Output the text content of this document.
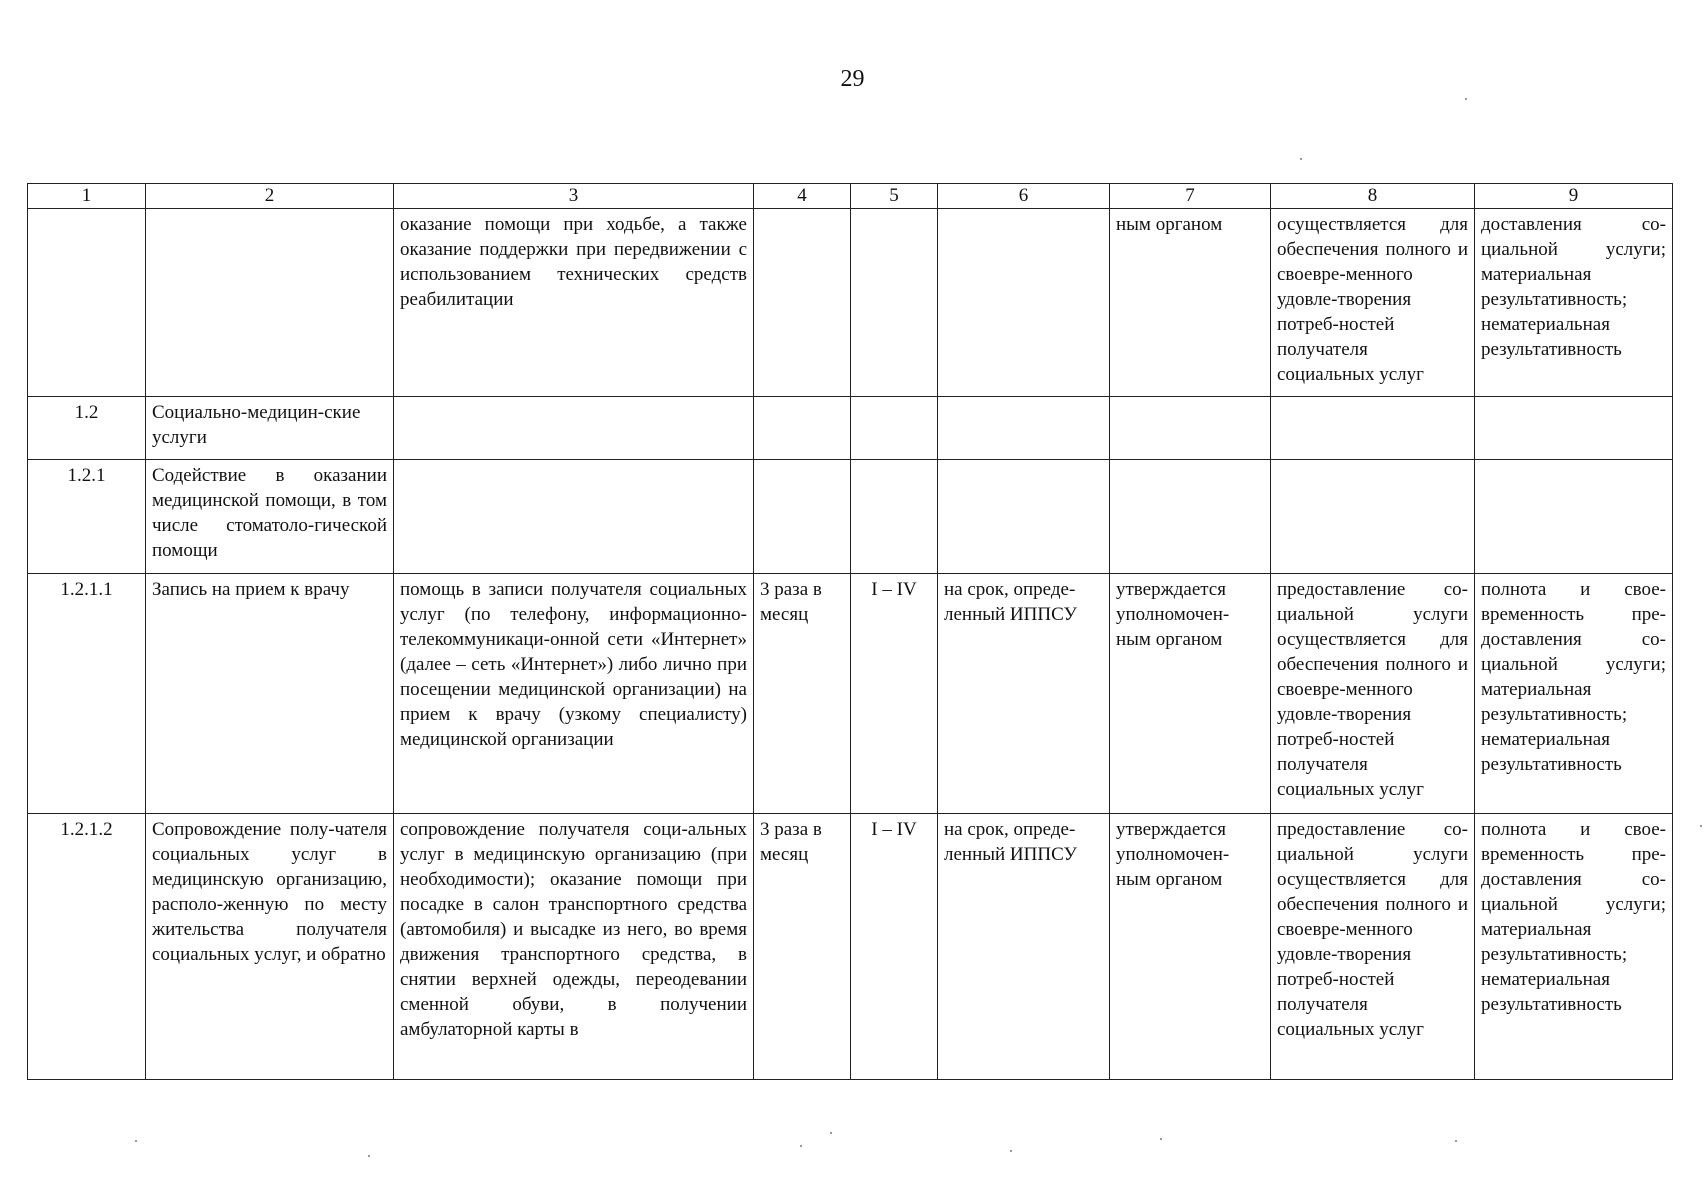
29
1	2	3	4	5	6	7	8	9
		оказание помощи при ходьбе, а также оказание поддержки при передвижении с использованием технических средств реабилитации				ным органом	осуществляется для обеспечения полного и своевре-менного удовле-творения потреб-ностей получателя социальных услуг	доставления со-циальной услуги; материальная результативность; нематериальная результативность
1.2	Социально-медицин-ские услуги							
1.2.1	Содействие в оказании медицинской помощи, в том числе стоматоло-гической помощи							
1.2.1.1	Запись на прием к врачу	помощь в записи получателя социальных услуг (по телефону, информационно-телекоммуникаци-онной сети «Интернет» (далее – сеть «Интернет») либо лично при посещении медицинской организации) на прием к врачу (узкому специалисту) медицинской организации	3 раза в месяц	I – IV	на срок, опреде-ленный ИППСУ	утверждается уполномочен-ным органом	предоставление со-циальной услуги осуществляется для обеспечения полного и своевре-менного удовле-творения потреб-ностей получателя социальных услуг	полнота и свое-временность пре-доставления со-циальной услуги; материальная результативность; нематериальная результативность
1.2.1.2	Сопровождение полу-чателя социальных услуг в медицинскую организацию, располо-женную по месту жительства получателя социальных услуг, и обратно	сопровождение получателя соци-альных услуг в медицинскую организацию (при необходимости); оказание помощи при посадке в салон транспортного средства (автомобиля) и высадке из него, во время движения транспортного средства, в снятии верхней одежды, переодевании сменной обуви, в получении амбулаторной карты в	3 раза в месяц	I – IV	на срок, опреде-ленный ИППСУ	утверждается уполномочен-ным органом	предоставление со-циальной услуги осуществляется для обеспечения полного и своевре-менного удовле-творения потреб-ностей получателя социальных услуг	полнота и свое-временность пре-доставления со-циальной услуги; материальная результативность; нематериальная результативность
